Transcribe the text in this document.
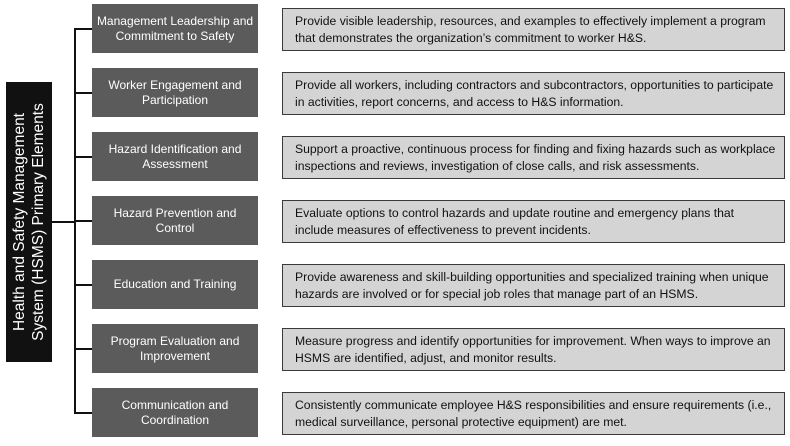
Health and Safety Management System (HSMS) Primary Elements
Management Leadership and Commitment to Safety
Provide visible leadership, resources, and examples to effectively implement a program that demonstrates the organization’s commitment to worker H&S.
Worker Engagement and Participation
Provide all workers, including contractors and subcontractors, opportunities to participate in activities, report concerns, and access to H&S information.
Hazard Identification and Assessment
Support a proactive, continuous process for finding and fixing hazards such as workplace inspections and reviews, investigation of close calls, and risk assessments.
Hazard Prevention and Control
Evaluate options to control hazards and update routine and emergency plans that include measures of effectiveness to prevent incidents.
Education and Training
Provide awareness and skill-building opportunities and specialized training when unique hazards are involved or for special job roles that manage part of an HSMS.
Program Evaluation and Improvement
Measure progress and identify opportunities for improvement. When ways to improve an HSMS are identified, adjust, and monitor results.
Communication and Coordination
Consistently communicate employee H&S responsibilities and ensure requirements (i.e., medical surveillance, personal protective equipment) are met.
